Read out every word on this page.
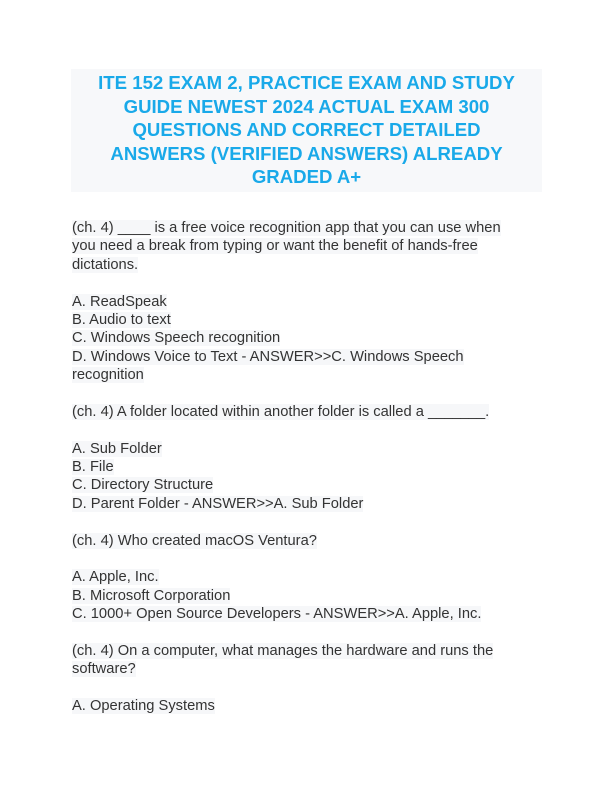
ITE 152 EXAM 2, PRACTICE EXAM AND STUDY
GUIDE NEWEST 2024 ACTUAL EXAM 300
QUESTIONS AND CORRECT DETAILED
ANSWERS (VERIFIED ANSWERS) ALREADY
GRADED A+
(ch. 4) ____ is a free voice recognition app that you can use when
you need a break from typing or want the benefit of hands-free
dictations.
A. ReadSpeak
B. Audio to text
C. Windows Speech recognition
D. Windows Voice to Text - ANSWER>>C. Windows Speech
recognition
(ch. 4) A folder located within another folder is called a _______.
A. Sub Folder
B. File
C. Directory Structure
D. Parent Folder - ANSWER>>A. Sub Folder
(ch. 4) Who created macOS Ventura?
A. Apple, Inc.
B. Microsoft Corporation
C. 1000+ Open Source Developers - ANSWER>>A. Apple, Inc.
(ch. 4) On a computer, what manages the hardware and runs the
software?
A. Operating Systems
